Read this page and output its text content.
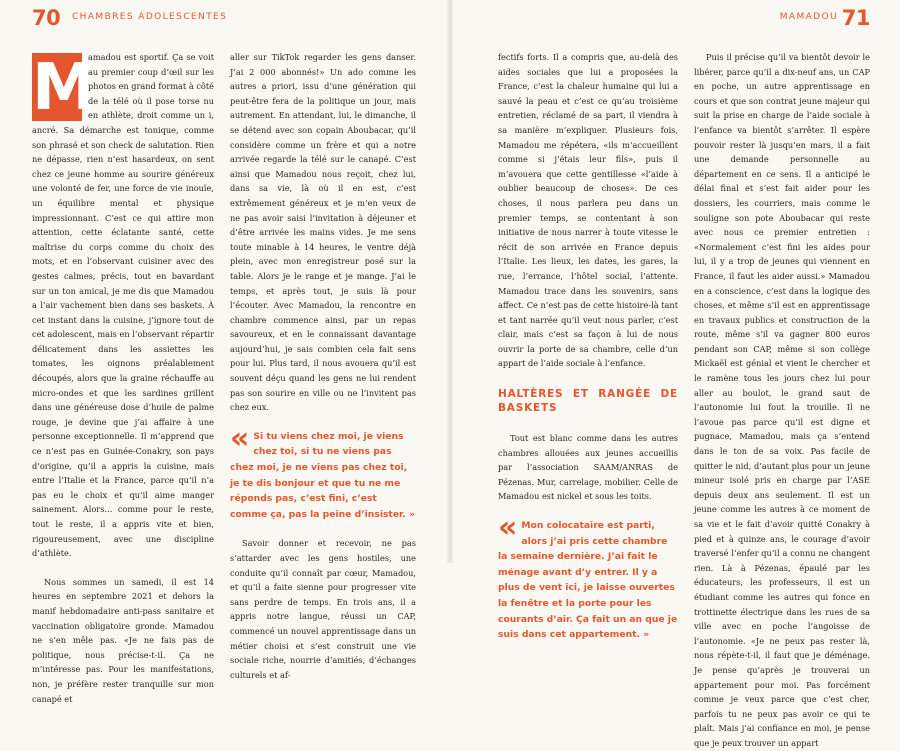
70 CHAMBRES ADOLESCENTES

M
amadou est sportif. Ça se voit au premier coup d’œil sur les photos en grand format à côté de la télé où il pose torse nu en athlète, droit comme un i, ancré. Sa démarche est tonique, comme son phrasé et son check de salutation. Rien ne dépasse, rien n’est hasardeux, on sent chez ce jeune homme au sourire généreux une volonté de fer, une force de vie inouïe, un équilibre mental et physique impressionnant. C’est ce qui attire mon attention, cette éclatante santé, cette maîtrise du corps comme du choix des mots, et en l’observant cuisiner avec des gestes calmes, précis, tout en bavardant sur un ton amical, je me dis que Mamadou a l’air vachement bien dans ses baskets. À cet instant dans la cuisine, j’ignore tout de cet adolescent, mais en l’observant répartir délicatement dans les assiettes les tomates, les oignons préalablement découpés, alors que la graine réchauffe au micro-ondes et que les sardines grillent dans une généreuse dose d’huile de palme rouge, je devine que j’ai affaire à une personne exceptionnelle. Il m’apprend que ce n’est pas en Guinée-Conakry, son pays d’origine, qu’il a appris la cuisine, mais entre l’Italie et la France, parce qu’il n’a pas eu le choix et qu’il aime manger sainement. Alors… comme pour le reste, tout le reste, il a appris vite et bien, rigoureusement, avec une discipline d’athlète.

Nous sommes un samedi, il est 14 heures en septembre 2021 et dehors la manif hebdomadaire anti-pass sanitaire et vaccination obligatoire gronde. Mamadou ne s’en mêle pas. «Je ne fais pas de politique, nous précise-t-il. Ça ne m’intéresse pas. Pour les manifestations, non, je préfère rester tranquille sur mon canapé et

aller sur TikTok regarder les gens danser. J’ai 2 000 abonnés!» Un ado comme les autres a priori, issu d’une génération qui peut-être fera de la politique un jour, mais autrement. En attendant, lui, le dimanche, il se détend avec son copain Aboubacar, qu’il considère comme un frère et qui a notre arrivée regarde la télé sur le canapé. C’est ainsi que Mamadou nous reçoit, chez lui, dans sa vie, là où il en est, c’est extrêmement généreux et je m’en veux de ne pas avoir saisi l’invitation à déjeuner et d’être arrivée les mains vides. Je me sens toute minable à 14 heures, le ventre déjà plein, avec mon enregistreur posé sur la table. Alors je le range et je mange. J’ai le temps, et après tout, je suis là pour l’écouter. Avec Mamadou, la rencontre en chambre commence ainsi, par un repas savoureux, et en le connaissant davantage aujourd’hui, je sais combien cela fait sens pour lui. Plus tard, il nous avouera qu’il est souvent déçu quand les gens ne lui rendent pas son sourire en ville ou ne l’invitent pas chez eux.

« Si tu viens chez moi, je viens chez toi, si tu ne viens pas chez moi, je ne viens pas chez toi, je te dis bonjour et que tu ne me réponds pas, c’est fini, c’est comme ça, pas la peine d’insister. »

Savoir donner et recevoir, ne pas s’attarder avec les gens hostiles, une conduite qu’il connaît par cœur, Mamadou, et qu’il a faite sienne pour progresser vite sans perdre de temps. En trois ans, il a appris notre langue, réussi un CAP, commencé un nouvel apprentissage dans un métier choisi et s’est construit une vie sociale riche, nourrie d’amitiés, d’échanges culturels et af-

MAMADOU 71

fectifs forts. Il a compris que, au-delà des aides sociales que lui a proposées la France, c’est la chaleur humaine qui lui a sauvé la peau et c’est ce qu’au troisième entretien, réclamé de sa part, il viendra à sa manière m’expliquer. Plusieurs fois, Mamadou me répétera, «ils m’accueillent comme si j’étais leur fils», puis il m’avouera que cette gentillesse «l’aide à oublier beaucoup de choses». De ces choses, il nous parlera peu dans un premier temps, se contentant à son initiative de nous narrer à toute vitesse le récit de son arrivée en France depuis l’Italie. Les lieux, les dates, les gares, la rue, l’errance, l’hôtel social, l’attente. Mamadou trace dans les souvenirs, sans affect. Ce n’est pas de cette histoire-là tant et tant narrée qu’il veut nous parler, c’est clair, mais c’est sa façon à lui de nous ouvrir la porte de sa chambre, celle d’un appart de l’aide sociale à l’enfance.

HALTÈRES ET RANGÉE DE BASKETS

Tout est blanc comme dans les autres chambres allouées aux jeunes accueillis par l’association SAAM/ANRAS de Pézenas. Mur, carrelage, mobilier. Celle de Mamadou est nickel et sous les toits.

« Mon colocataire est parti, alors j’ai pris cette chambre la semaine dernière. J’ai fait le ménage avant d’y entrer. Il y a plus de vent ici, je laisse ouvertes la fenêtre et la porte pour les courants d’air. Ça fait un an que je suis dans cet appartement. »

Puis il précise qu’il va bientôt devoir le libérer, parce qu’il a dix-neuf ans, un CAP en poche, un autre apprentissage en cours et que son contrat jeune majeur qui suit la prise en charge de l’aide sociale à l’enfance va bientôt s’arrêter. Il espère pouvoir rester là jusqu’en mars, il a fait une demande personnelle au département en ce sens. Il a anticipé le délai final et s’est fait aider pour les dossiers, les courriers, mais comme le souligne son pote Aboubacar qui reste avec nous ce premier entretien : «Normalement c’est fini les aides pour lui, il y a trop de jeunes qui viennent en France, il faut les aider aussi.» Mamadou en a conscience, c’est dans la logique des choses, et même s’il est en apprentissage en travaux publics et construction de la route, même s’il va gagner 800 euros pendant son CAP, même si son collège Mickaël est génial et vient le chercher et le ramène tous les jours chez lui pour aller au boulot, le grand saut de l’autonomie lui fout la trouille. Il ne l’avoue pas parce qu’il est digne et pugnace, Mamadou, mais ça s’entend dans le ton de sa voix. Pas facile de quitter le nid, d’autant plus pour un jeune mineur isolé pris en charge par l’ASE depuis deux ans seulement. Il est un jeune comme les autres à ce moment de sa vie et le fait d’avoir quitté Conakry à pied et à quinze ans, le courage d’avoir traversé l’enfer qu’il a connu ne changent rien. Là à Pézenas, épaulé par les éducateurs, les professeurs, il est un étudiant comme les autres qui fonce en trottinette électrique dans les rues de sa ville avec en poche l’angoisse de l’autonomie. «Je ne peux pas rester là, nous répète-t-il, il faut que je déménage. Je pense qu’après je trouverai un appartement pour moi. Pas forcément comme je veux parce que c’est cher, parfois tu ne peux pas avoir ce qui te plaît. Mais j’ai confiance en moi, je pense que je peux trouver un appart
